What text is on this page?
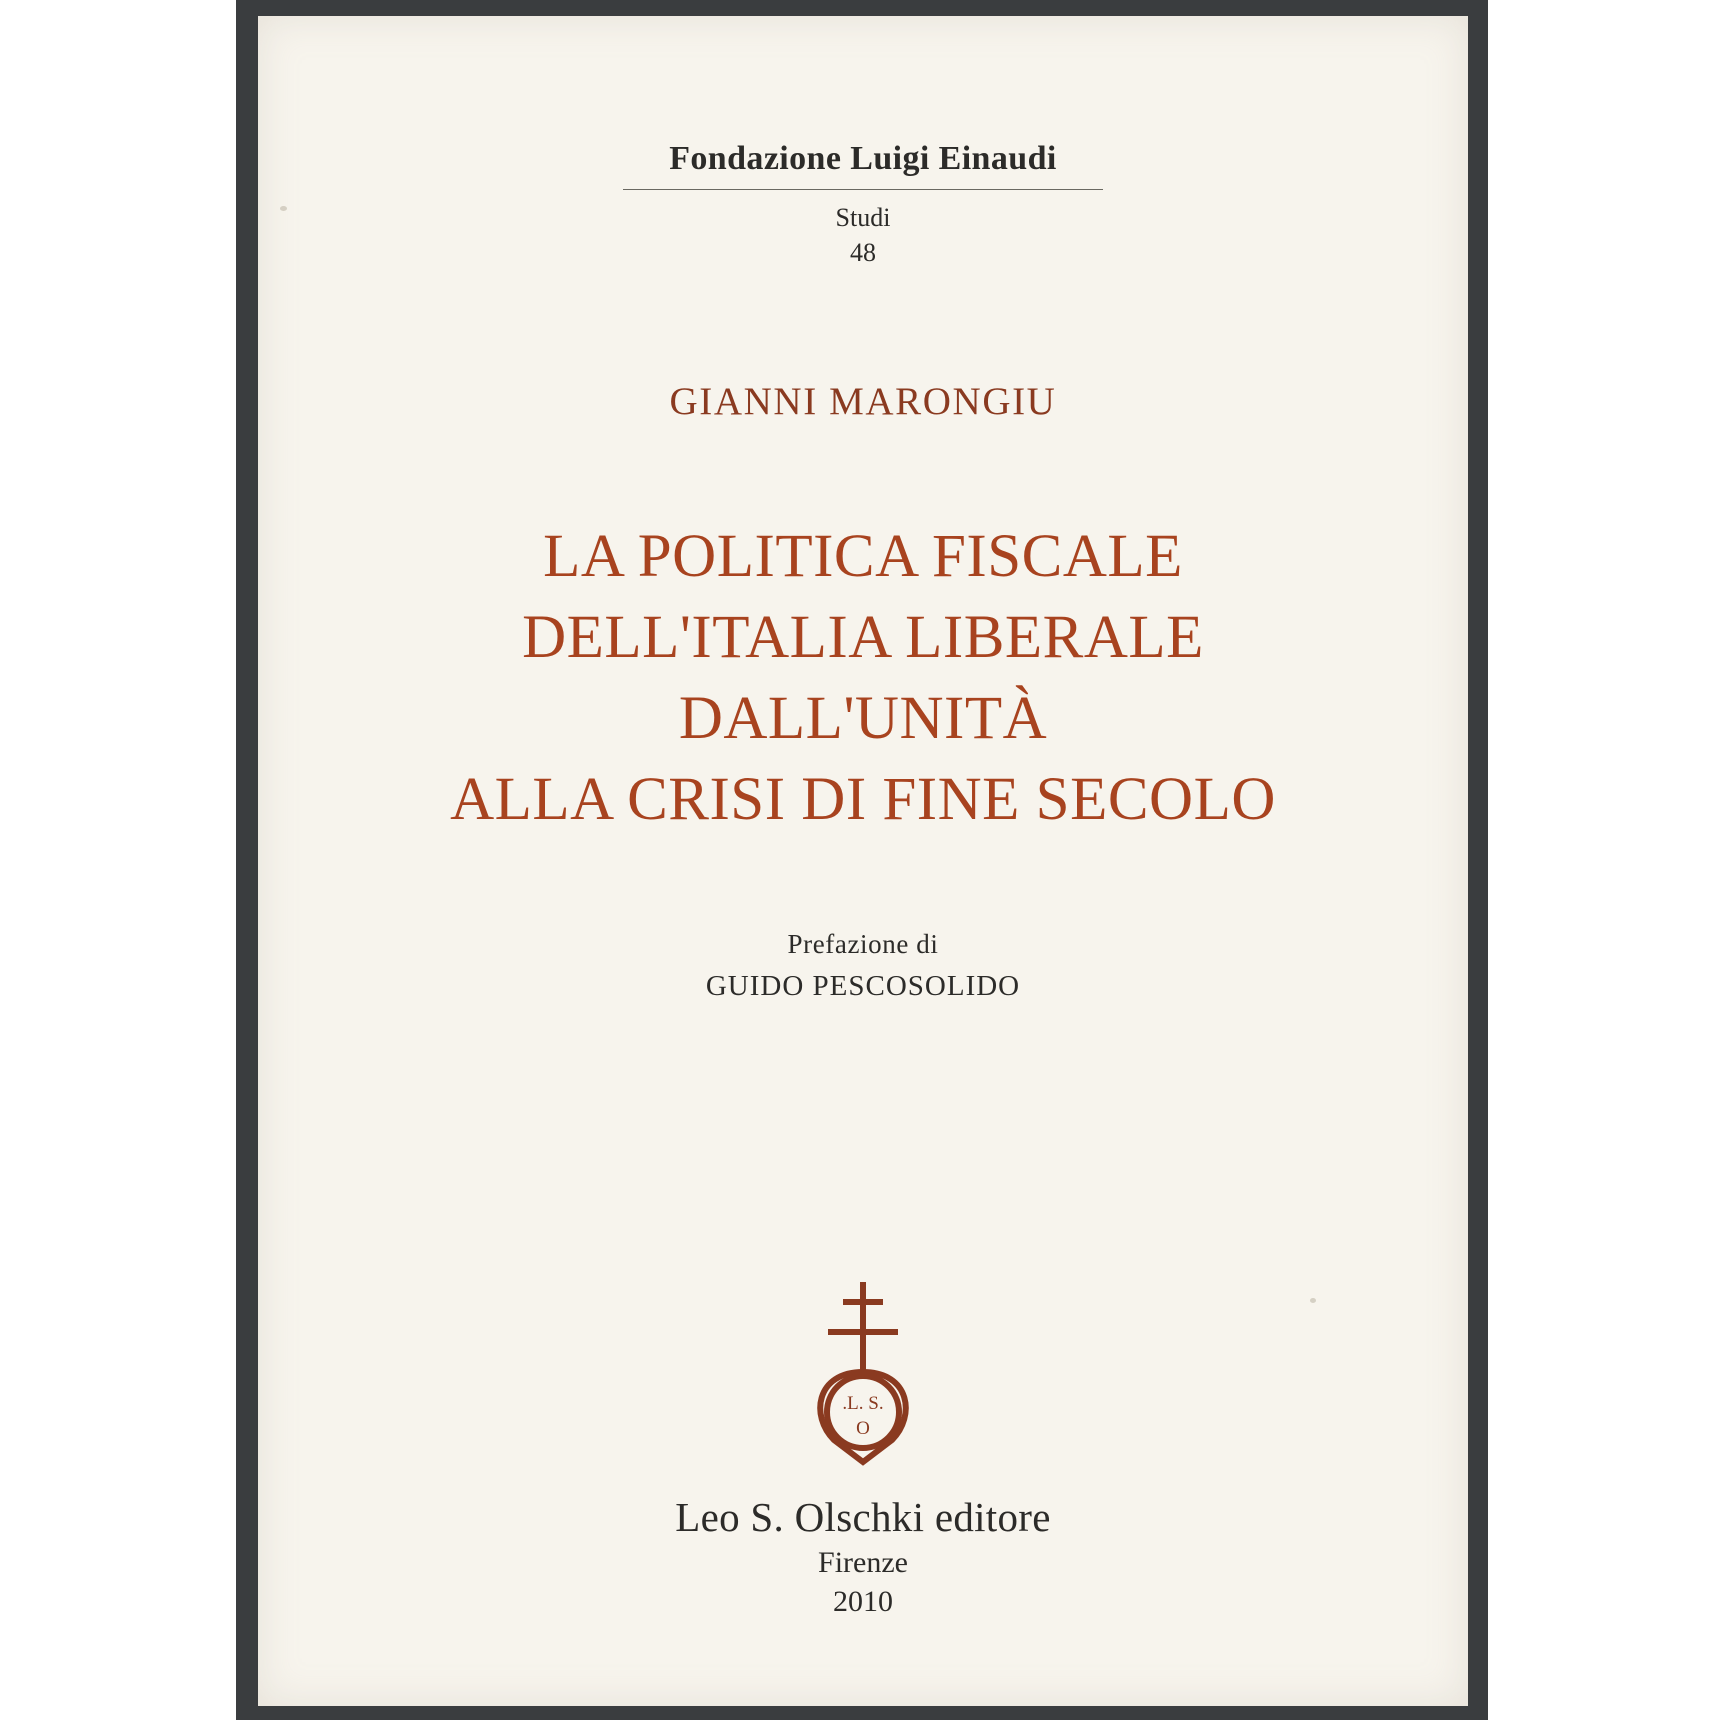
Fondazione Luigi Einaudi
Studi
48
GIANNI MARONGIU
LA POLITICA FISCALE
DELL'ITALIA LIBERALE
DALL'UNITÀ
ALLA CRISI DI FINE SECOLO
Prefazione di
GUIDO PESCOSOLIDO
.L. S.
O
Leo S. Olschki editore
Firenze
2010
